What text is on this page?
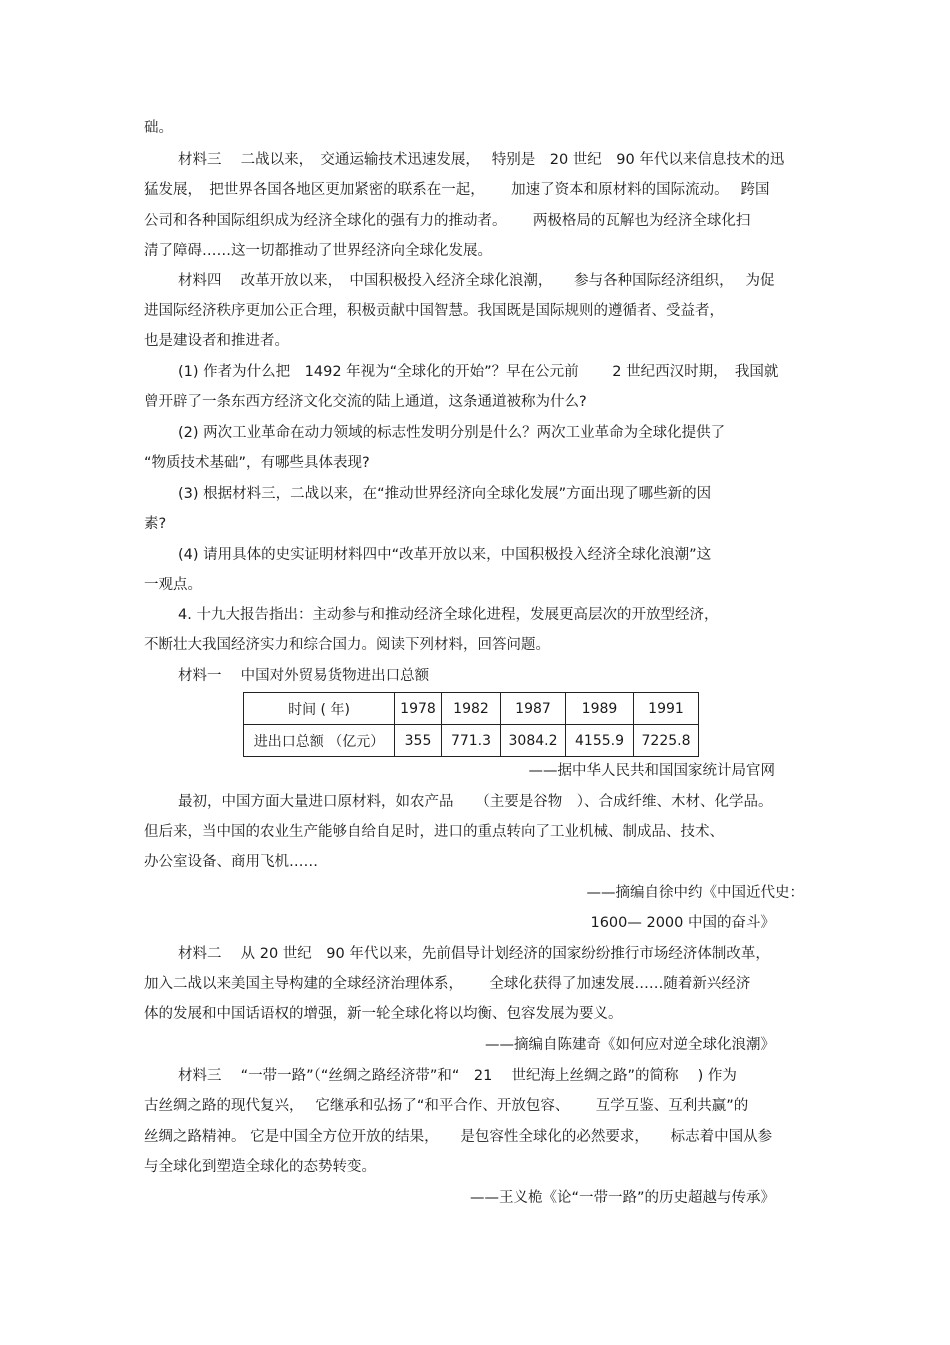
础。
材料三　 二战以来，　交通运输技术迅速发展，　 特别是　20 世纪　90 年代以来信息技术的迅
猛发展，　把世界各国各地区更加紧密的联系在一起，　　 加速了资本和原材料的国际流动。　 跨国
公司和各种国际组织成为经济全球化的强有力的推动者。　　 两极格局的瓦解也为经济全球化扫
清了障碍……这一切都推动了世界经济向全球化发展。
材料四　 改革开放以来，　中国积极投入经济全球化浪潮，　　参与各种国际经济组织，　 为促
进国际经济秩序更加公正合理，积极贡献中国智慧。我国既是国际规则的遵循者、受益者，
也是建设者和推进者。
(1) 作者为什么把　1492 年视为“全球化的开始”？早在公元前　　 2 世纪西汉时期，　我国就
曾开辟了一条东西方经济文化交流的陆上通道，这条通道被称为什么?
(2) 两次工业革命在动力领域的标志性发明分别是什么？两次工业革命为全球化提供了
“物质技术基础”，有哪些具体表现?
(3) 根据材料三，二战以来，在“推动世界经济向全球化发展”方面出现了哪些新的因
素?
(4) 请用具体的史实证明材料四中“改革开放以来，中国积极投入经济全球化浪潮”这
一观点。
4. 十九大报告指出：主动参与和推动经济全球化进程，发展更高层次的开放型经济，
不断壮大我国经济实力和综合国力。阅读下列材料，回答问题。
材料一　 中国对外贸易货物进出口总额
时间 ( 年)	1978	1982	1987	1989	1991
进出口总额 （亿元）	355	771.3	3084.2	4155.9	7225.8
——据中华人民共和国国家统计局官网
最初，中国方面大量进口原材料，如农产品　　（主要是谷物　）、合成纤维、木材、化学品。
但后来，当中国的农业生产能够自给自足时，进口的重点转向了工业机械、制成品、技术、
办公室设备、商用飞机……
——摘编自徐中约《中国近代史：
1600— 2000 中国的奋斗》
材料二　 从 20 世纪　90 年代以来，先前倡导计划经济的国家纷纷推行市场经济体制改革，
加入二战以来美国主导构建的全球经济治理体系，　　 全球化获得了加速发展……随着新兴经济
体的发展和中国话语权的增强，新一轮全球化将以均衡、包容发展为要义。
——摘编自陈建奇《如何应对逆全球化浪潮》
材料三　 “一带一路”（“丝绸之路经济带”和“　21　 世纪海上丝绸之路”的简称　 ) 作为
古丝绸之路的现代复兴，　 它继承和弘扬了“和平合作、开放包容、　　 互学互鉴、互利共赢”的
丝绸之路精神。 它是中国全方位开放的结果，　　是包容性全球化的必然要求，　　标志着中国从参
与全球化到塑造全球化的态势转变。
——王义桅《论“一带一路”的历史超越与传承》
